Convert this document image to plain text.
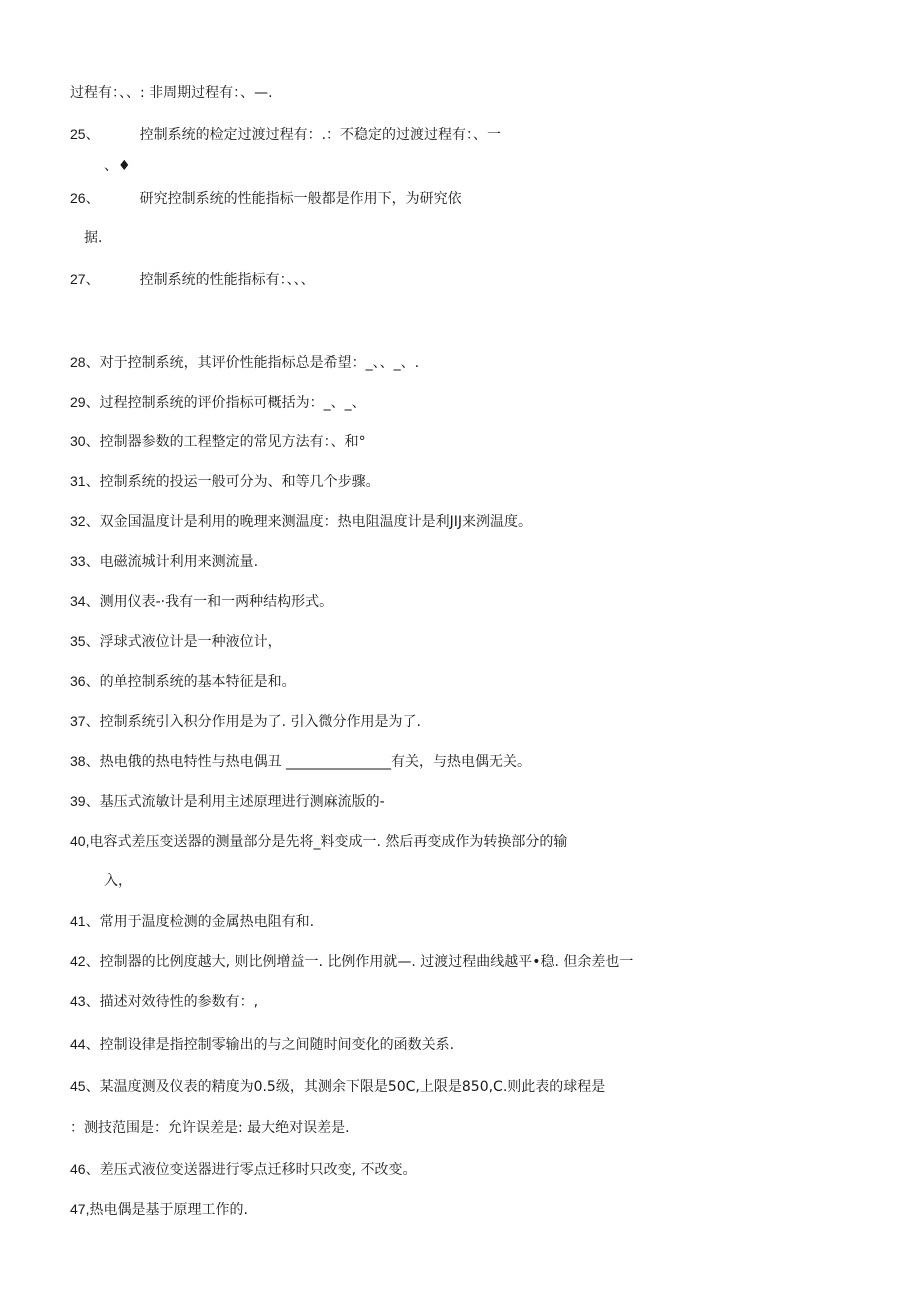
过程有：、、: 非周期过程有：、—.
25、	控制系统的检定过渡过程有：.：不稳定的过渡过程有：、一
、♦
26、	研究控制系统的性能指标一般都是作用下，为研究依
据.
27、	控制系统的性能指标有：、、、
28、对于控制系统，其评价性能指标总是希望：_、、_、.
29、过程控制系统的评价指标可概括为：_、_、
30、控制器参数的工程整定的常见方法有：、和°
31、控制系统的投运一般可分为、和等几个步骤。
32、双金国温度计是利用的晚理来测温度：热电阻温度计是利JIJ来洌温度。
33、电磁流城计利用来测流量.
34、测用仪表-·我有一和一两种结构形式。
35、浮球式液位计是一种液位计，
36、的单控制系统的基本特征是和。
37、控制系统引入积分作用是为了. 引入微分作用是为了.
38、热电俄的热电特性与热电偶丑 _______________有关，与热电偶无关。
39、基压式流敏计是利用主述原理进行测麻流版的-
40,电容式差压变送器的测量部分是先将_料变成一. 然后再变成作为转换部分的输
入，
41、常用于温度检测的金属热电阻有和.
42、控制器的比例度越大, 则比例增益一. 比例作用就—. 过渡过程曲线越平•稳. 但余差也一
43、描述对效待性的参数有：,
44、控制设律是指控制零输出的与之间随时间变化的函数关系.
45、某温度测及仪表的精度为0.5级，其测余下限是50C,上限是850,C.则此表的球程是
：测技范围是：允许误差是: 最大绝对误差是.
46、差压式液位变送器进行零点迁移时只改变, 不改变。
47,热电偶是基于原理工作的.
